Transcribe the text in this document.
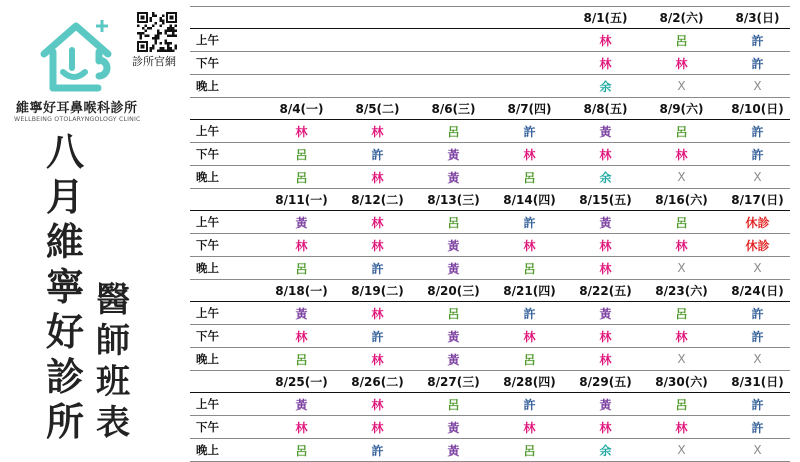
診所官網
維寧好耳鼻喉科診所
WELLBEING OTOLARYNGOLOGY CLINIC
八
月
維
寧
好
診
所
醫
師
班
表
8/1(五)	8/2(六)	8/3(日)
上午	林	呂	許
下午	林	林	許
晚上	余	X	X
8/4(一)	8/5(二)	8/6(三)	8/7(四)	8/8(五)	8/9(六)	8/10(日)
上午	林	林	呂	許	黃	呂	許
下午	呂	許	黃	林	林	林	許
晚上	呂	林	黃	呂	余	X	X
8/11(一)	8/12(二)	8/13(三)	8/14(四)	8/15(五)	8/16(六)	8/17(日)
上午	黃	林	呂	許	黃	呂	休診
下午	林	林	黃	林	林	林	休診
晚上	呂	許	黃	呂	林	X	X
8/18(一)	8/19(二)	8/20(三)	8/21(四)	8/22(五)	8/23(六)	8/24(日)
上午	黃	林	呂	許	黃	呂	許
下午	林	許	黃	林	林	林	許
晚上	呂	林	黃	呂	林	X	X
8/25(一)	8/26(二)	8/27(三)	8/28(四)	8/29(五)	8/30(六)	8/31(日)
上午	黃	林	呂	許	黃	呂	許
下午	林	林	黃	林	林	林	許
晚上	呂	許	黃	呂	余	X	X
